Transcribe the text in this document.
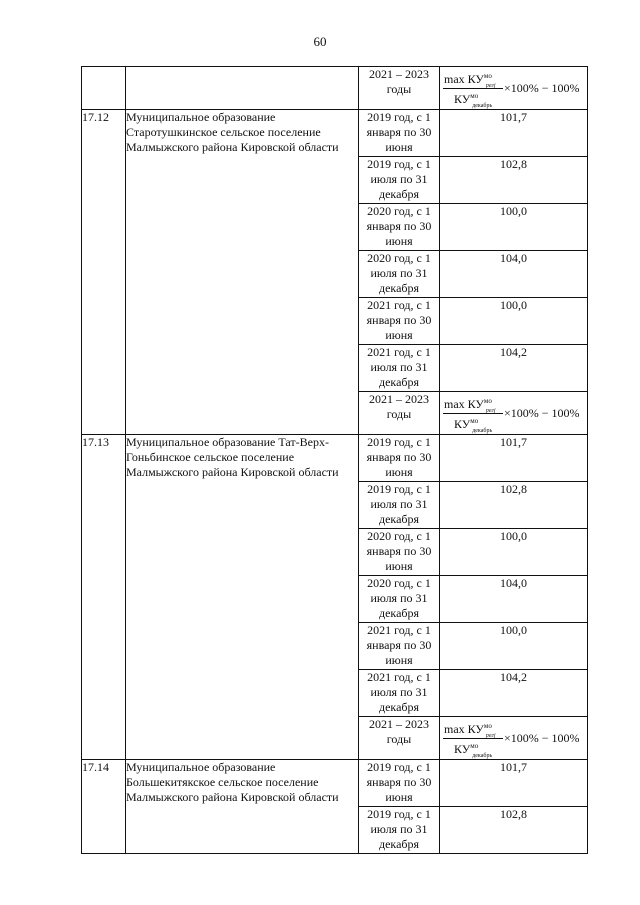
60
		2021 – 2023 годы	$\max КУ^{мо}_{регj}$
$КУ^{мо}_{декабрь}$
×100% − 100%

17.12	Муниципальное образование Старотушкинское сельское поселение Малмыжского района Кировской области	2019 год, с 1 января по 30 июня	101,7
		2019 год, с 1 июля по 31 декабря	102,8
		2020 год, с 1 января по 30 июня	100,0
		2020 год, с 1 июля по 31 декабря	104,0
		2021 год, с 1 января по 30 июня	100,0
		2021 год, с 1 июля по 31 декабря	104,2
		2021 – 2023 годы	$\max КУ^{мо}_{регj}$
$КУ^{мо}_{декабрь}$
×100% − 100%

17.13	Муниципальное образование Тат-Верх-Гоньбинское сельское поселение Малмыжского района Кировской области	2019 год, с 1 января по 30 июня	101,7
		2019 год, с 1 июля по 31 декабря	102,8
		2020 год, с 1 января по 30 июня	100,0
		2020 год, с 1 июля по 31 декабря	104,0
		2021 год, с 1 января по 30 июня	100,0
		2021 год, с 1 июля по 31 декабря	104,2
		2021 – 2023 годы	$\max КУ^{мо}_{регj}$
$КУ^{мо}_{декабрь}$
×100% − 100%

17.14	Муниципальное образование Большекитякское сельское поселение Малмыжского района Кировской области	2019 год, с 1 января по 30 июня	101,7
		2019 год, с 1 июля по 31 декабря	102,8
